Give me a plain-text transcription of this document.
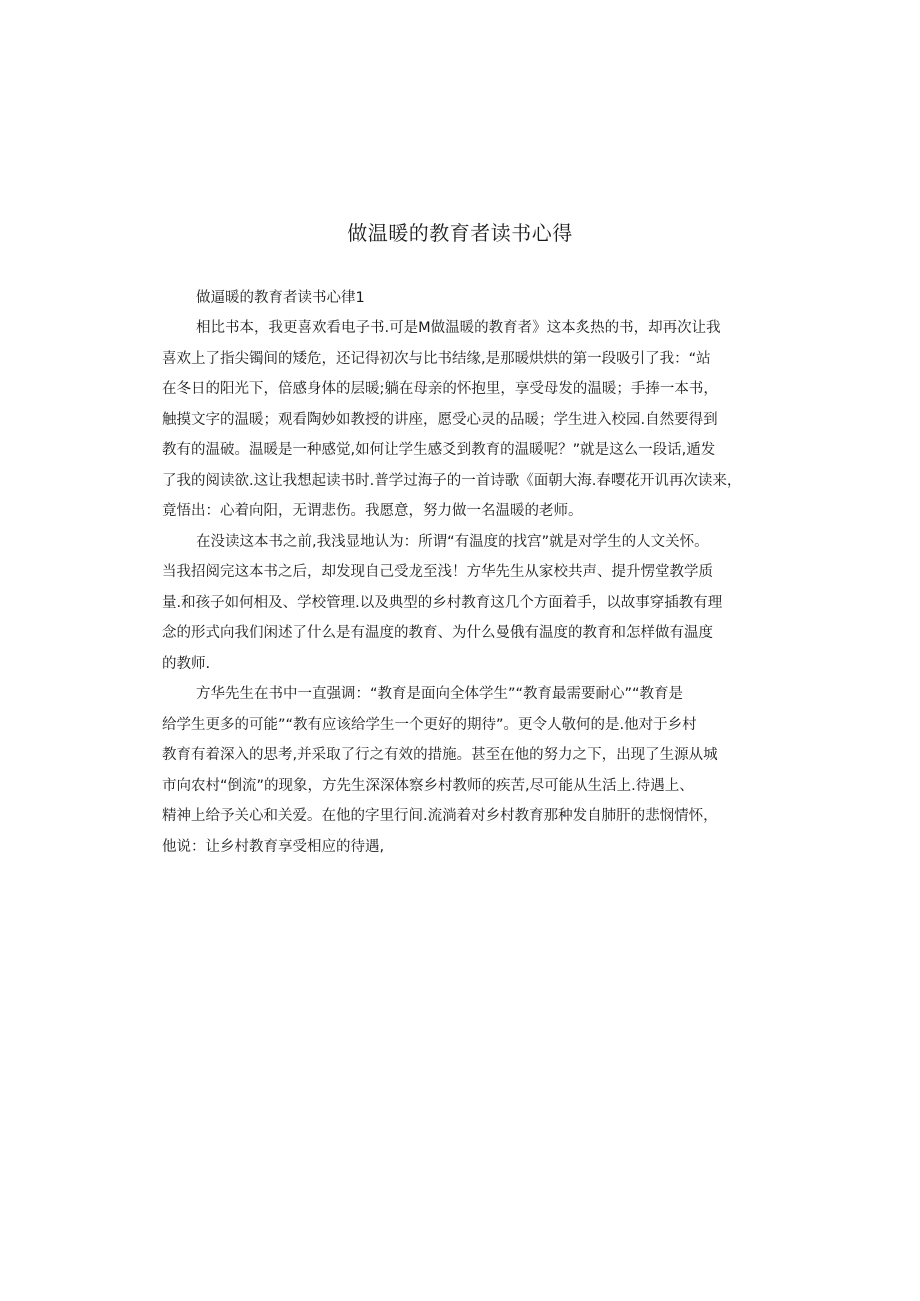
做温暖的教育者读书心得

做逼暖的教育者读书心律1

相比书本，我更喜欢看电子书.可是M做温暖的教育者》这本炙热的书，却再次让我
喜欢上了指尖镯间的矮危，还记得初次与比书结缘,是那暖烘烘的第一段吸引了我：“站
在冬日的阳光下，倍感身体的层暖;躺在母亲的怀抱里，享受母发的温暖；手捧一本书，
触摸文字的温暖；观看陶妙如教授的讲座，愿受心灵的品暖；学生进入校园.自然要得到
教有的温破。温暖是一种感觉,如何让学生感爻到教育的温暖呢？”就是这么一段话,遁发
了我的阅读欲.这让我想起读书时.普学过海子的一首诗歌《面朝大海.春嘤花开讥再次读来，
竟悟出：心着向阳，无谓悲伤。我愿意，努力做一名温暖的老师。

在没读这本书之前,我浅显地认为：所谓“有温度的找宫”就是对学生的人文关怀。
当我招阅完这本书之后，却发现自己受龙至浅！方华先生从家校共声、提升愣堂教学质
量.和孩子如何相及、学校管理.以及典型的乡村教育这几个方面着手，以故事穿插教有理
念的形式向我们闲述了什么是有温度的教育、为什么曼俄有温度的教育和怎样做有温度
的教师.

方华先生在书中一直强调：“教育是面向全体学生”“教育最需要耐心”“教育是
给学生更多的可能”“教有应该给学生一个更好的期待”。更令人敬何的是.他对于乡村
教育有着深入的思考,并采取了行之有效的措施。甚至在他的努力之下，出现了生源从城
市向农村“倒流”的现象，方先生深深体察乡村教师的疾苦,尽可能从生活上.待遇上、
精神上给予关心和关爱。在他的字里行间.流淌着对乡村教育那种发自肺肝的悲悯情怀，
他说：让乡村教育享受相应的待遇,
